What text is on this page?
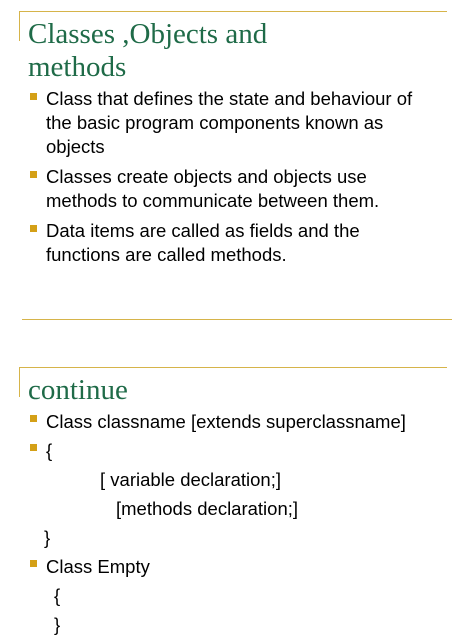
Classes ,Objects and
methods
Class that defines the state and behaviour of
the basic program components known as
objects
Classes create objects and objects use
methods to communicate between them.
Data items are called as fields and the
functions are called methods.
continue
Class classname [extends superclassname]
{
[ variable declaration;]
[methods declaration;]
}
Class Empty
{
}
